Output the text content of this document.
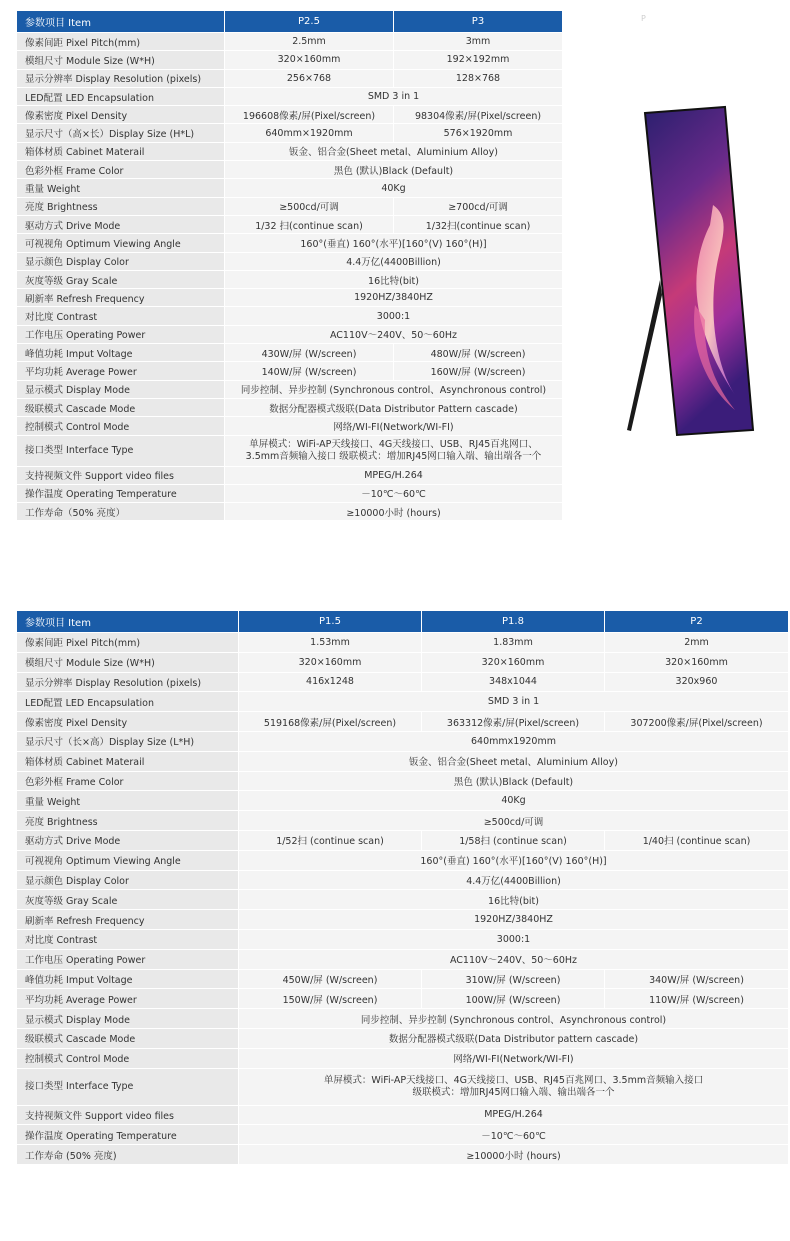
P
参数项目 Item	P2.5	P3
像素间距 Pixel Pitch(mm)	2.5mm	3mm
模组尺寸 Module Size (W*H)	320×160mm	192×192mm
显示分辨率 Display Resolution (pixels)	256×768	128×768
LED配置 LED Encapsulation	SMD 3 in 1	
像素密度 Pixel Density	196608像素/屏(Pixel/screen)	98304像素/屏(Pixel/screen)
显示尺寸（高×长）Display Size (H*L)	640mm×1920mm	576×1920mm
箱体材质 Cabinet Materail	钣金、铝合金(Sheet metal、Aluminium Alloy)	
色彩外框 Frame Color	黑色 (默认)Black (Default)	
重量 Weight	40Kg	
亮度 Brightness	≥500cd/可调	≥700cd/可调
驱动方式 Drive Mode	1/32 扫(continue scan)	1/32扫(continue scan)
可视视角 Optimum Viewing Angle	160°(垂直) 160°(水平)[160°(V) 160°(H)]	
显示颜色 Display Color	4.4万亿(4400Billion)	
灰度等级 Gray Scale	16比特(bit)	
刷新率 Refresh Frequency	1920HZ/3840HZ	
对比度 Contrast	3000:1	
工作电压 Operating Power	AC110V～240V、50～60Hz	
峰值功耗 Imput Voltage	430W/屏 (W/screen)	480W/屏 (W/screen)
平均功耗 Average Power	140W/屏 (W/screen)	160W/屏 (W/screen)
显示模式 Display Mode	同步控制、异步控制 (Synchronous control、Asynchronous control)	
级联模式 Cascade Mode	数据分配器模式级联(Data Distributor Pattern cascade)	
控制模式 Control Mode	网络/WI-FI(Network/WI-FI)	
接口类型 Interface Type	单屏模式：WiFi-AP天线接口、4G天线接口、USB、RJ45百兆网口、
3.5mm音频输入接口 级联模式：增加RJ45网口输入端、输出端各一个	

支持视频文件 Support video files	MPEG/H.264	
操作温度 Operating Temperature	－10℃～60℃	
工作寿命（50% 亮度）	≥10000小时 (hours)	
参数项目 Item	P1.5	P1.8	P2
像素间距 Pixel Pitch(mm)	1.53mm	1.83mm	2mm
模组尺寸 Module Size (W*H)	320×160mm	320×160mm	320×160mm
显示分辨率 Display Resolution (pixels)	416x1248	348x1044	320x960
LED配置 LED Encapsulation	SMD 3 in 1		
像素密度 Pixel Density	519168像素/屏(Pixel/screen)	363312像素/屏(Pixel/screen)	307200像素/屏(Pixel/screen)
显示尺寸（长×高）Display Size (L*H)	640mmx1920mm		
箱体材质 Cabinet Materail	钣金、铝合金(Sheet metal、Aluminium Alloy)		
色彩外框 Frame Color	黑色 (默认)Black (Default)		
重量 Weight	40Kg		
亮度 Brightness	≥500cd/可调		
驱动方式 Drive Mode	1/52扫 (continue scan)	1/58扫 (continue scan)	1/40扫 (continue scan)
可视视角 Optimum Viewing Angle	160°(垂直) 160°(水平)[160°(V) 160°(H)]		
显示颜色 Display Color	4.4万亿(4400Billion)		
灰度等级 Gray Scale	16比特(bit)		
刷新率 Refresh Frequency	1920HZ/3840HZ		
对比度 Contrast	3000:1		
工作电压 Operating Power	AC110V～240V、50～60Hz		
峰值功耗 Imput Voltage	450W/屏 (W/screen)	310W/屏 (W/screen)	340W/屏 (W/screen)
平均功耗 Average Power	150W/屏 (W/screen)	100W/屏 (W/screen)	110W/屏 (W/screen)
显示模式 Display Mode	同步控制、异步控制 (Synchronous control、Asynchronous control)		
级联模式 Cascade Mode	数据分配器模式级联(Data Distributor pattern cascade)		
控制模式 Control Mode	网络/WI-FI(Network/WI-FI)		
接口类型 Interface Type	单屏模式：WiFi-AP天线接口、4G天线接口、USB、RJ45百兆网口、3.5mm音频输入接口
级联模式：增加RJ45网口输入端、输出端各一个		

支持视频文件 Support video files	MPEG/H.264		
操作温度 Operating Temperature	－10℃～60℃		
工作寿命 (50% 亮度)	≥10000小时 (hours)		
